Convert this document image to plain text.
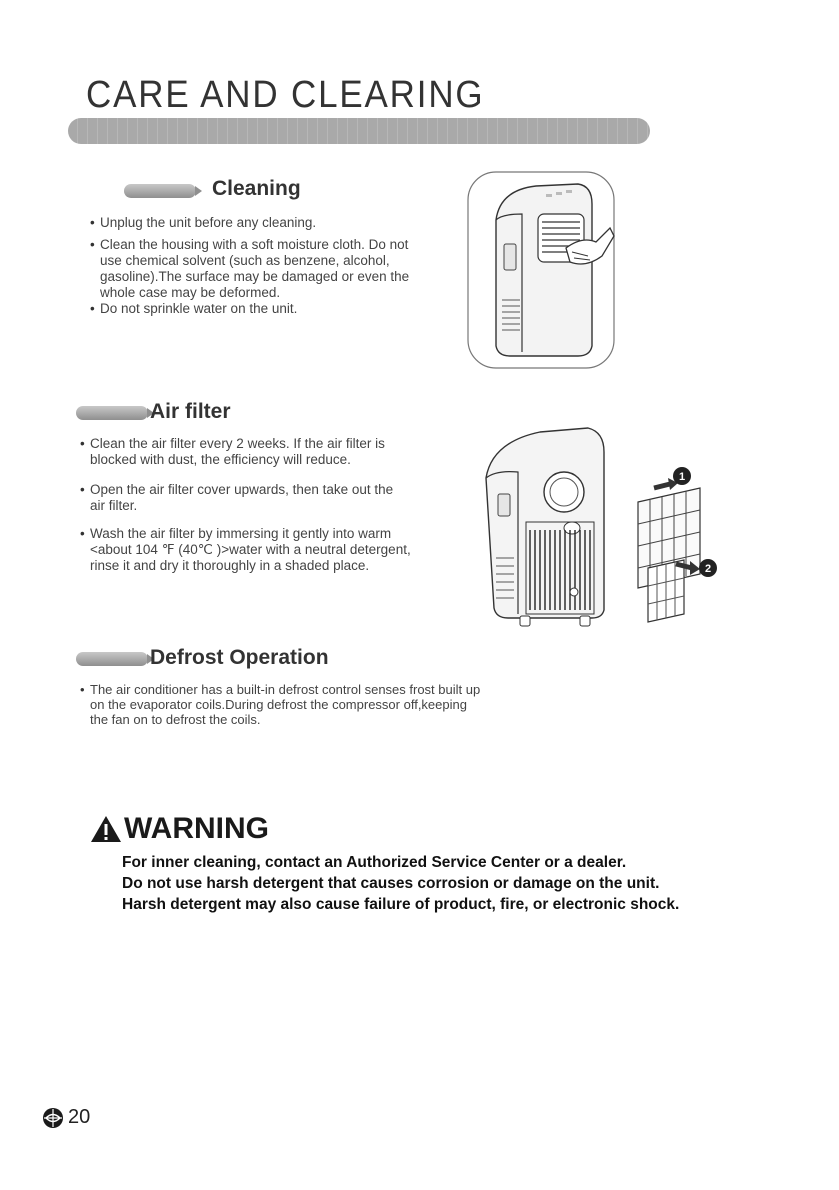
CARE AND CLEARING
Cleaning
• Unplug the unit before any cleaning.
• Clean the housing with a soft moisture cloth. Do not
use chemical solvent (such as benzene, alcohol,
gasoline).The surface may be damaged or even the
whole case may be deformed.
• Do not sprinkle water on the unit.
Air filter
• Clean the air filter every 2 weeks. If the air filter is
blocked with dust, the efficiency will reduce.
• Open the air filter cover upwards, then take out the
air filter.
• Wash the air filter by immersing it gently into warm
<about 104 ℉ (40℃ )>water with a neutral detergent,
rinse it and dry it thoroughly in a shaded place.
1
2
Defrost Operation
• The air conditioner has a built-in defrost control senses frost built up
on the evaporator coils.During defrost the compressor off,keeping
the fan on to defrost the coils.
WARNING
For inner cleaning, contact an Authorized Service Center or a dealer.
Do not use harsh detergent that causes corrosion or damage on the unit.
Harsh detergent may also cause failure of product, fire, or electronic shock.
20
